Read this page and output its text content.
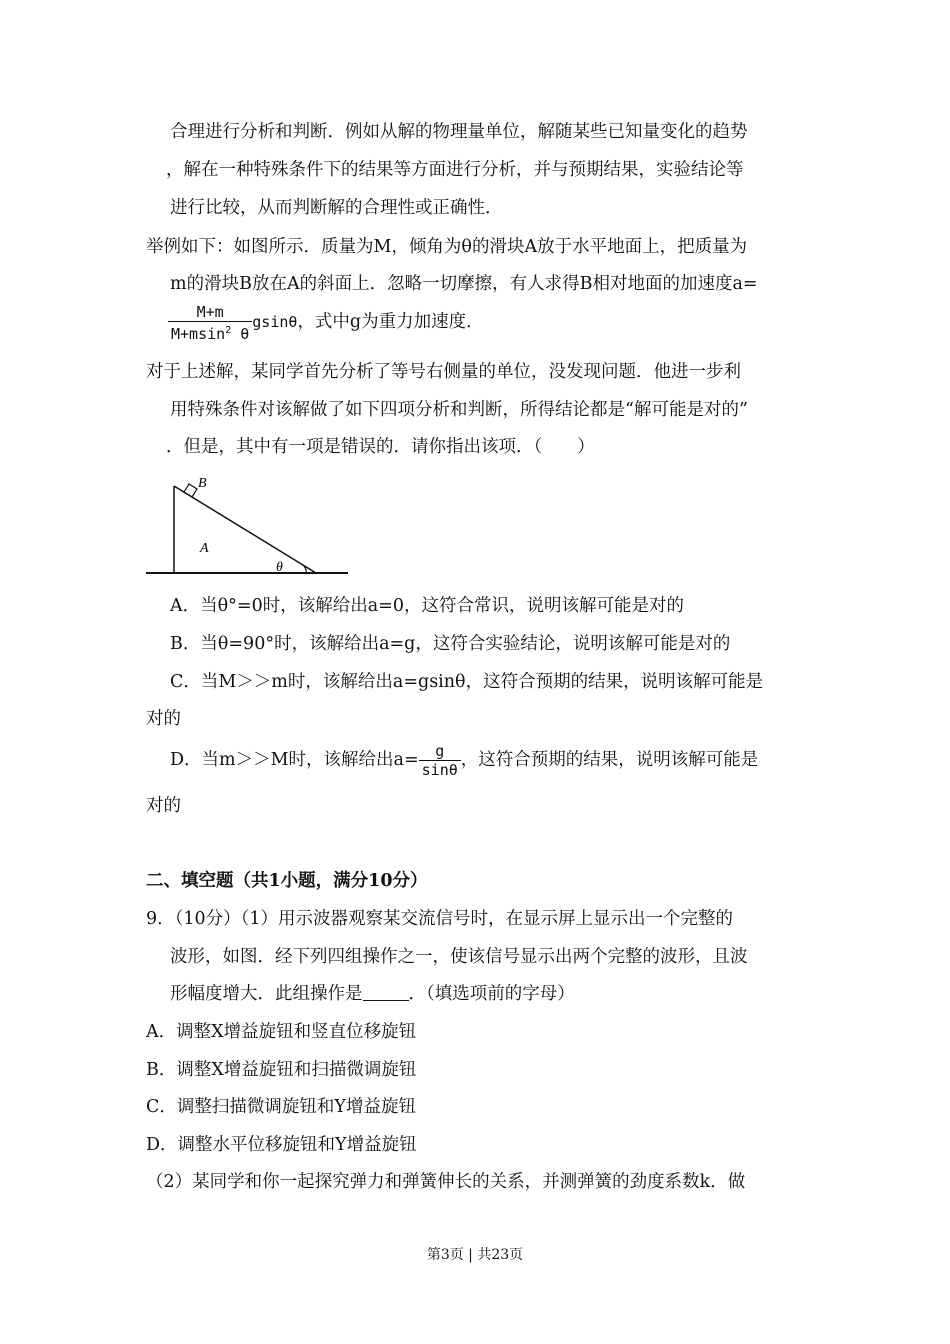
合理进行分析和判断．例如从解的物理量单位，解随某些已知量变化的趋势
，解在一种特殊条件下的结果等方面进行分析，并与预期结果，实验结论等
进行比较，从而判断解的合理性或正确性．
举例如下：如图所示．质量为M，倾角为θ的滑块A放于水平地面上，把质量为
m的滑块B放在A的斜面上．忽略一切摩擦，有人求得B相对地面的加速度a=
$\frac{M+m}{M+msin^2 \theta}$ gsinθ，式中g为重力加速度．
对于上述解，某同学首先分析了等号右侧量的单位，没发现问题．他进一步利
用特殊条件对该解做了如下四项分析和判断，所得结论都是“解可能是对的”
．但是，其中有一项是错误的．请你指出该项．（　　）
B
A
θ
A．当θ°=0时，该解给出a=0，这符合常识，说明该解可能是对的
B．当θ=90°时，该解给出a=g，这符合实验结论，说明该解可能是对的
C．当M＞＞m时，该解给出a=gsinθ，这符合预期的结果，说明该解可能是
对的
D．当m＞＞M时，该解给出$a= \frac{g}{\sin\theta}$ ，这符合预期的结果，说明该解可能是
对的
二、填空题（共1小题，满分10分）
9．（10分）（1）用示波器观察某交流信号时，在显示屏上显示出一个完整的
波形，如图．经下列四组操作之一，使该信号显示出两个完整的波形，且波
形幅度增大．此组操作是	．（填选项前的字母）
A．调整X增益旋钮和竖直位移旋钮
B．调整X增益旋钮和扫描微调旋钮
C．调整扫描微调旋钮和Y增益旋钮
D．调整水平位移旋钮和Y增益旋钮
（2）某同学和你一起探究弹力和弹簧伸长的关系，并测弹簧的劲度系数k．做
第3页 | 共23页
